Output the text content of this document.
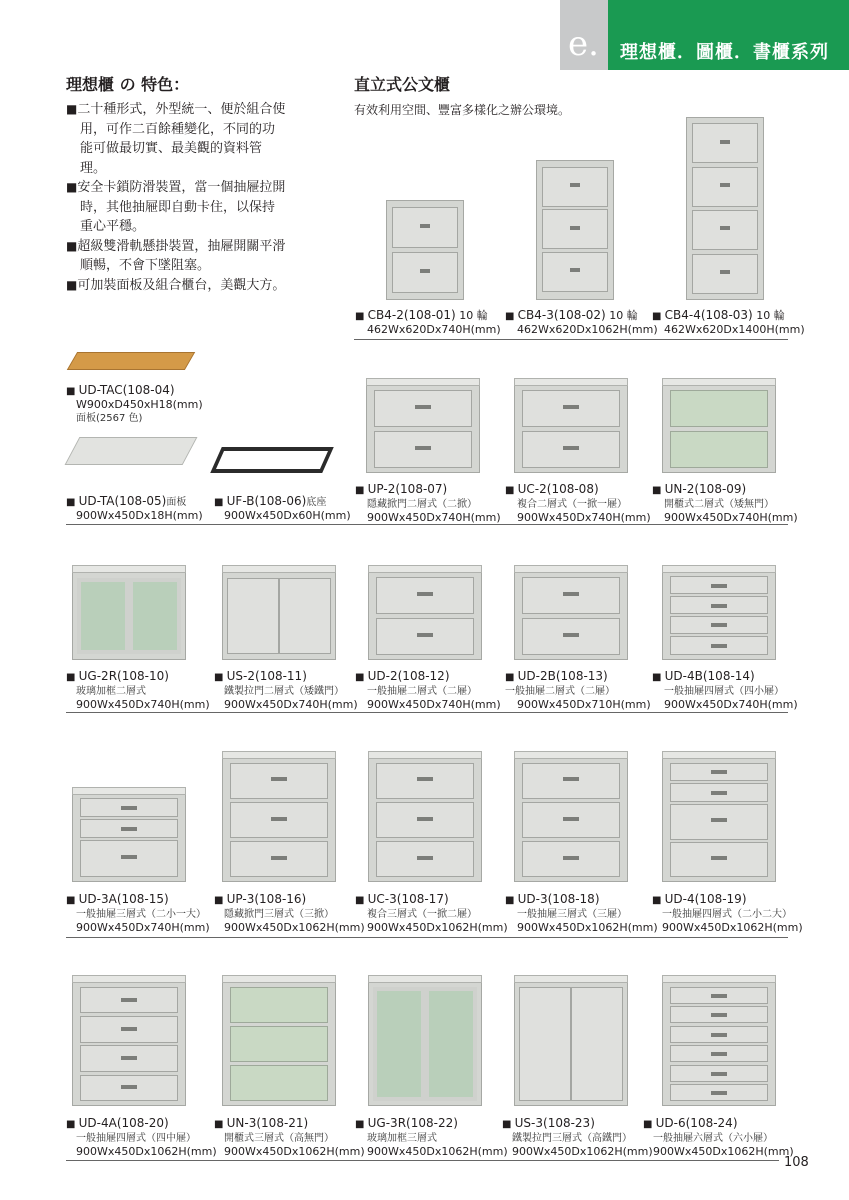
e. 理想櫃．圖櫃．書櫃系列
理想櫃 の 特色：
■ 二十種形式，外型統一、便於組合使用，可作二百餘種變化，不同的功能可做最切實、最美觀的資料管理。
■ 安全卡鎖防滑裝置，當一個抽屜拉開時，其他抽屜即自動卡住，以保持重心平穩。
■ 超級雙滑軌懸掛裝置，抽屜開關平滑順暢，不會下墜阻塞。
■ 可加裝面板及組合櫃台，美觀大方。
直立式公文櫃
有效利用空間、豐富多樣化之辦公環境。
■ CB4-2(108-01) 10 輪
462Wx620Dx740H(mm)
■ CB4-3(108-02) 10 輪
462Wx620Dx1062H(mm)
■ CB4-4(108-03) 10 輪
462Wx620Dx1400H(mm)
■ UD-TAC(108-04)
W900xD450xH18(mm)
面板(2567 色)
■ UD-TA(108-05)面板
900Wx450Dx18H(mm)
■ UF-B(108-06)底座
900Wx450Dx60H(mm)
■ UP-2(108-07)
隱藏掀門二層式（二掀）
900Wx450Dx740H(mm)
■ UC-2(108-08)
複合二層式（一掀一屜）
900Wx450Dx740H(mm)
■ UN-2(108-09)
開櫃式二層式（矮無門）
900Wx450Dx740H(mm)
■ UG-2R(108-10)
玻璃加框二層式
900Wx450Dx740H(mm)
■ US-2(108-11)
鐵製拉門二層式（矮鐵門）
900Wx450Dx740H(mm)
■ UD-2(108-12)
一般抽屜二層式（二屜）
900Wx450Dx740H(mm)
■ UD-2B(108-13)
一般抽屜二層式（二屜）
900Wx450Dx710H(mm)
■ UD-4B(108-14)
一般抽屜四層式（四小屜）
900Wx450Dx740H(mm)
■ UD-3A(108-15)
一般抽屜三層式（二小一大）
900Wx450Dx740H(mm)
■ UP-3(108-16)
隱藏掀門三層式（三掀）
900Wx450Dx1062H(mm)
■ UC-3(108-17)
複合三層式（一掀二屜）
900Wx450Dx1062H(mm)
■ UD-3(108-18)
一般抽屜三層式（三屜）
900Wx450Dx1062H(mm)
■ UD-4(108-19)
一般抽屜四層式（二小二大）
900Wx450Dx1062H(mm)
■ UD-4A(108-20)
一般抽屜四層式（四中屜）
900Wx450Dx1062H(mm)
■ UN-3(108-21)
開櫃式三層式（高無門）
900Wx450Dx1062H(mm)
■ UG-3R(108-22)
玻璃加框三層式
900Wx450Dx1062H(mm)
■ US-3(108-23)
鐵製拉門三層式（高鐵門）
900Wx450Dx1062H(mm)
■ UD-6(108-24)
一般抽屜六層式（六小屜）
900Wx450Dx1062H(mm)
108
